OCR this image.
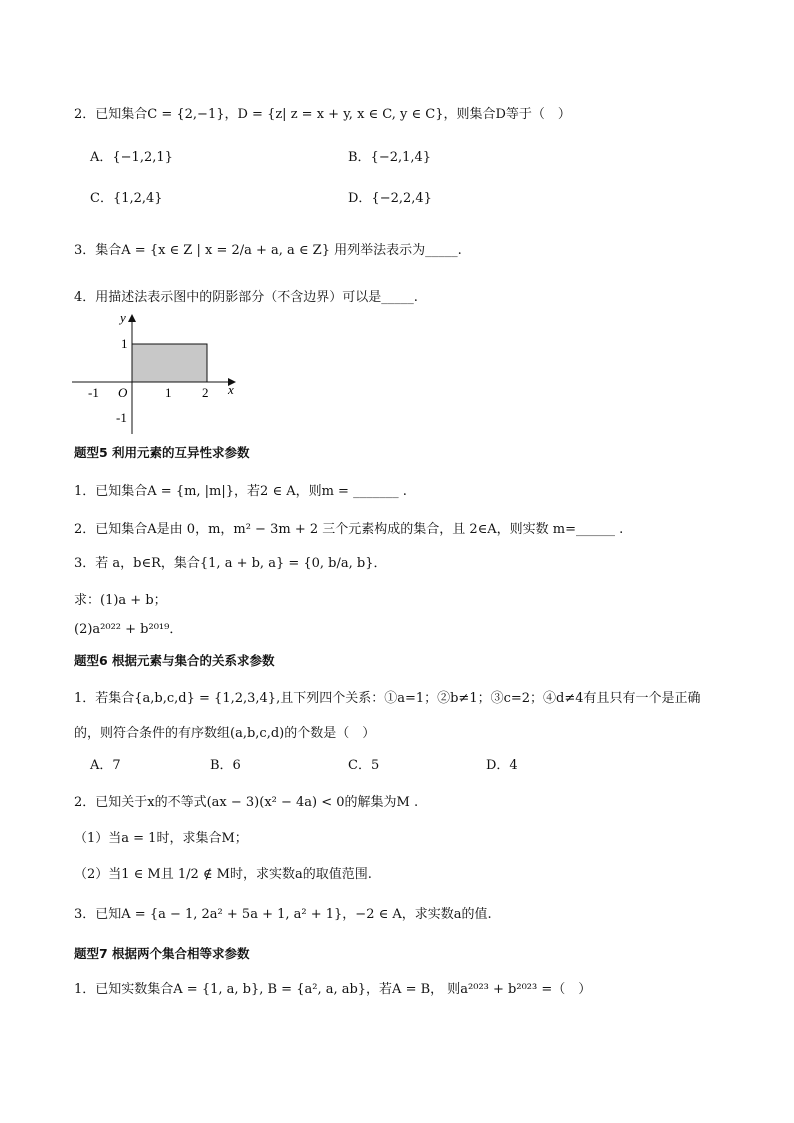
2．已知集合C = {2,−1}，D = {z| z = x + y, x ∈ C, y ∈ C}，则集合D等于（　）
A．{−1,2,1}	B．{−2,1,4}
C．{1,2,4}	D．{−2,2,4}
3．集合A = {x ∈ Z | x = 2/a + a, a ∈ Z} 用列举法表示为_____.
4．用描述法表示图中的阴影部分（不含边界）可以是_____.
y
x
O
-1	1 2
1
-1
题型5 利用元素的互异性求参数
1．已知集合A = {m, |m|}，若2 ∈ A，则m = _______ .
2．已知集合A是由 0，m，m² − 3m + 2 三个元素构成的集合，且 2∈A，则实数 m=______ .
3．若 a，b∈R，集合{1, a + b, a} = {0, b/a, b}．
求：(1)a + b；
(2)a²⁰²² + b²⁰¹⁹．
题型6 根据元素与集合的关系求参数
1．若集合{a,b,c,d} = {1,2,3,4},且下列四个关系：①a=1；②b≠1；③c=2；④d≠4有且只有一个是正确
的，则符合条件的有序数组(a,b,c,d)的个数是（　）
A．7	B．6	C．5	D．4
2．已知关于x的不等式(ax − 3)(x² − 4a) < 0的解集为M .
（1）当a = 1时，求集合M；
（2）当1 ∈ M且 1/2 ∉ M时，求实数a的取值范围.
3．已知A = {a − 1, 2a² + 5a + 1, a² + 1}，−2 ∈ A，求实数a的值.
题型7 根据两个集合相等求参数
1．已知实数集合A = {1, a, b}, B = {a², a, ab}，若A = B， 则a²⁰²³ + b²⁰²³ =（　）
